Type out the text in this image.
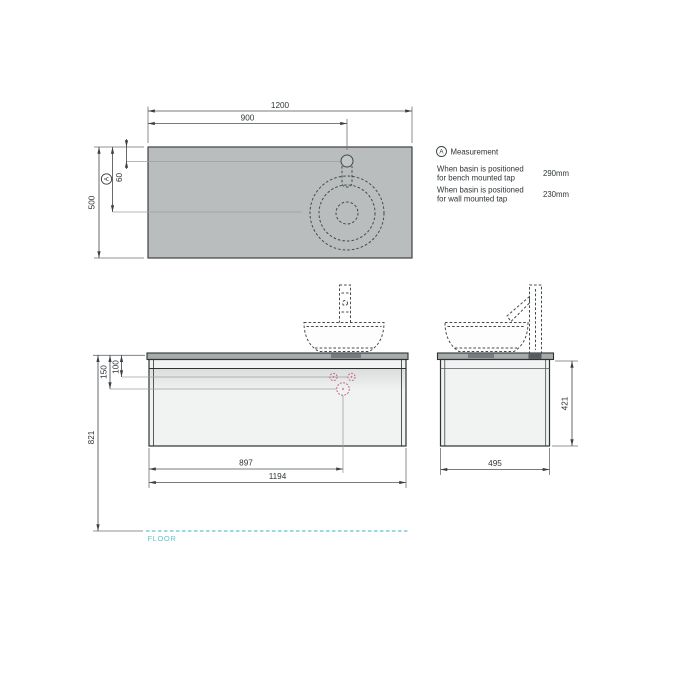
1200
900
500
A 60
A Measurement
When basin is positioned
for bench mounted tap	290mm
When basin is positioned
for wall mounted tap	230mm
821
150 100
897
1194
421
495
FLOOR
